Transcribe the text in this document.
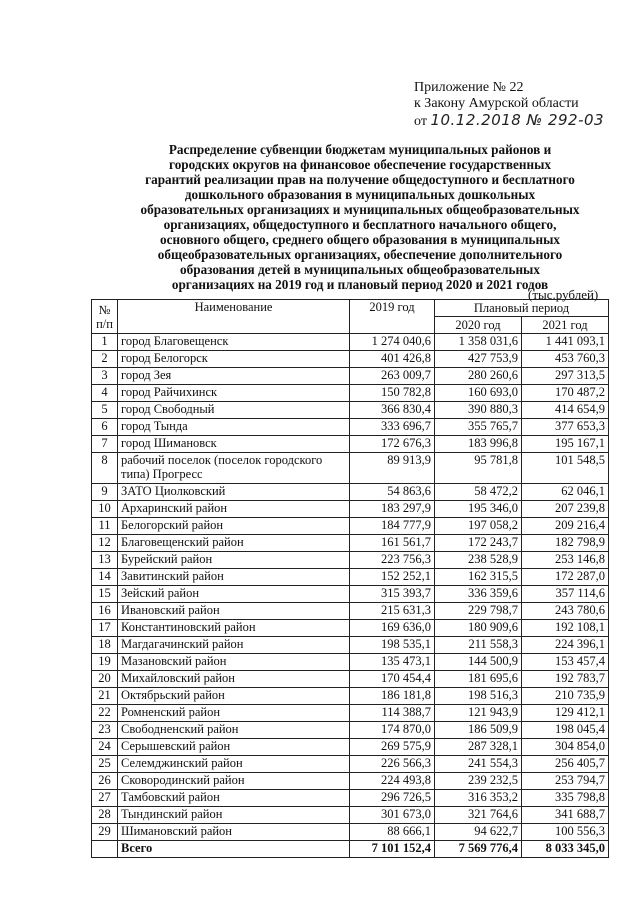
Приложение № 22
к Закону Амурской области
от 10.12.2018 № 292-03
Распределение субвенции бюджетам муниципальных районов и
городских округов на финансовое обеспечение государственных
гарантий реализации прав на получение общедоступного и бесплатного
дошкольного образования в муниципальных дошкольных
образовательных организациях и муниципальных общеобразовательных
организациях, общедоступного и бесплатного начального общего,
основного общего, среднего общего образования в муниципальных
общеобразовательных организациях, обеспечение дополнительного
образования детей в муниципальных общеобразовательных
организациях на 2019 год и плановый период 2020 и 2021 годов
(тыс.рублей)
№ п/п	Наименование	2019 год	Плановый период	
			2020 год	2021 год
1	город Благовещенск	1 274 040,6	1 358 031,6	1 441 093,1
2	город Белогорск	401 426,8	427 753,9	453 760,3
3	город Зея	263 009,7	280 260,6	297 313,5
4	город Райчихинск	150 782,8	160 693,0	170 487,2
5	город Свободный	366 830,4	390 880,3	414 654,9
6	город Тында	333 696,7	355 765,7	377 653,3
7	город Шимановск	172 676,3	183 996,8	195 167,1
8	рабочий поселок (поселок городского типа) Прогресс	89 913,9	95 781,8	101 548,5
9	ЗАТО Циолковский	54 863,6	58 472,2	62 046,1
10	Архаринский район	183 297,9	195 346,0	207 239,8
11	Белогорский район	184 777,9	197 058,2	209 216,4
12	Благовещенский район	161 561,7	172 243,7	182 798,9
13	Бурейский район	223 756,3	238 528,9	253 146,8
14	Завитинский район	152 252,1	162 315,5	172 287,0
15	Зейский район	315 393,7	336 359,6	357 114,6
16	Ивановский район	215 631,3	229 798,7	243 780,6
17	Константиновский район	169 636,0	180 909,6	192 108,1
18	Магдагачинский район	198 535,1	211 558,3	224 396,1
19	Мазановский район	135 473,1	144 500,9	153 457,4
20	Михайловский район	170 454,4	181 695,6	192 783,7
21	Октябрьский район	186 181,8	198 516,3	210 735,9
22	Ромненский район	114 388,7	121 943,9	129 412,1
23	Свободненский район	174 870,0	186 509,9	198 045,4
24	Серышевский район	269 575,9	287 328,1	304 854,0
25	Селемджинский район	226 566,3	241 554,3	256 405,7
26	Сковородинский район	224 493,8	239 232,5	253 794,7
27	Тамбовский район	296 726,5	316 353,2	335 798,8
28	Тындинский район	301 673,0	321 764,6	341 688,7
29	Шимановский район	88 666,1	94 622,7	100 556,3
	Всего	7 101 152,4	7 569 776,4	8 033 345,0
